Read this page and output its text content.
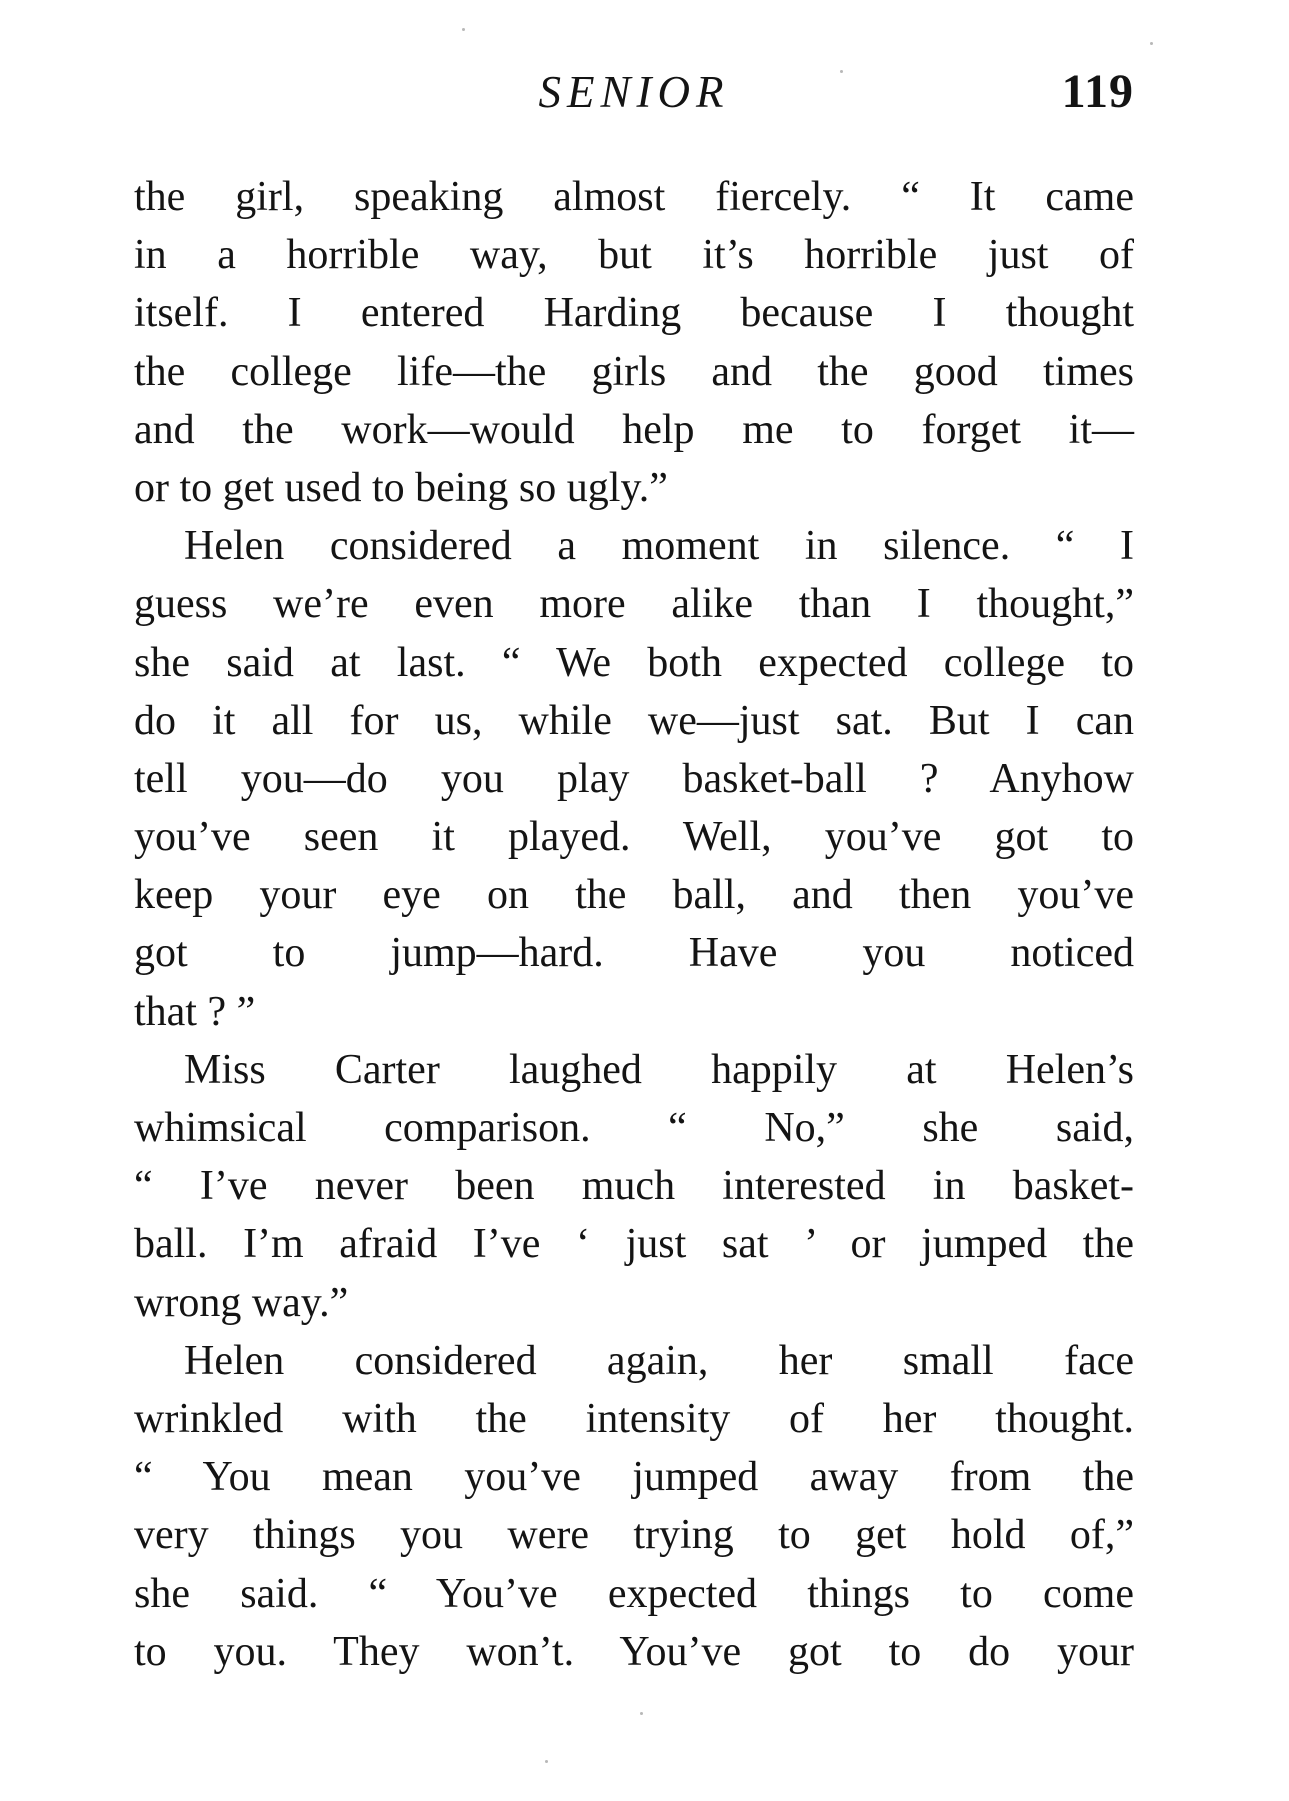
SENIOR	119
the girl, speaking almost fiercely. “ It came
in a horrible way, but it’s horrible just of
itself. I entered Harding because I thought
the college life—the girls and the good times
and the work—would help me to forget it—
or to get used to being so ugly.”
Helen considered a moment in silence. “ I
guess we’re even more alike than I thought,”
she said at last. “ We both expected college to
do it all for us, while we—just sat. But I can
tell you—do you play basket-ball ? Anyhow
you’ve seen it played. Well, you’ve got to
keep your eye on the ball, and then you’ve
got to jump—hard. Have you noticed
that ? ”
Miss Carter laughed happily at Helen’s
whimsical comparison. “ No,” she said,
“ I’ve never been much interested in basket-
ball. I’m afraid I’ve ‘ just sat ’ or jumped the
wrong way.”
Helen considered again, her small face
wrinkled with the intensity of her thought.
“ You mean you’ve jumped away from the
very things you were trying to get hold of,”
she said. “ You’ve expected things to come
to you. They won’t. You’ve got to do your
